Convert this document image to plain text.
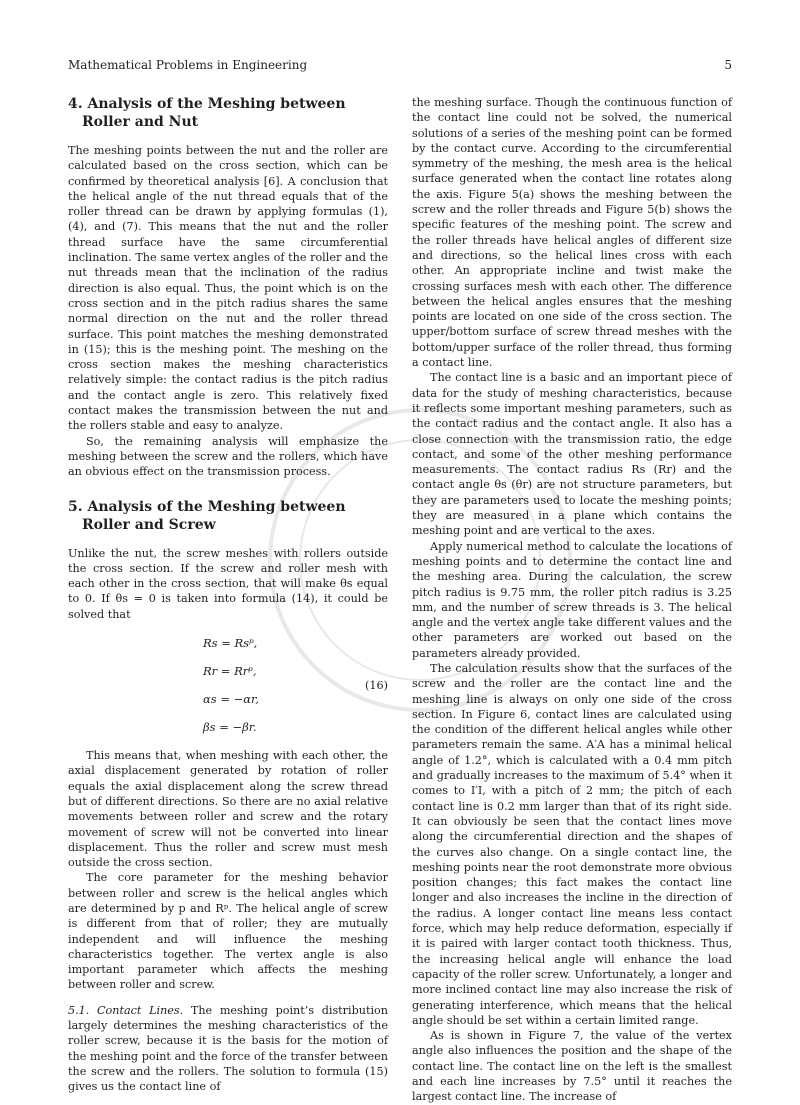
Mathematical Problems in Engineering	5
4. Analysis of the Meshing between
Roller and Nut

The meshing points between the nut and the roller are calculated based on the cross section, which can be confirmed by theoretical analysis [6]. A conclusion that the helical angle of the nut thread equals that of the roller thread can be drawn by applying formulas (1), (4), and (7). This means that the nut and the roller thread surface have the same circumferential inclination. The same vertex angles of the roller and the nut threads mean that the inclination of the radius direction is also equal. Thus, the point which is on the cross section and in the pitch radius shares the same normal direction on the nut and the roller thread surface. This point matches the meshing demonstrated in (15); this is the meshing point. The meshing on the cross section makes the meshing characteristics relatively simple: the contact radius is the pitch radius and the contact angle is zero. This relatively fixed contact makes the transmission between the nut and the rollers stable and easy to analyze.

So, the remaining analysis will emphasize the meshing between the screw and the rollers, which have an obvious effect on the transmission process.

5. Analysis of the Meshing between
Roller and Screw

Unlike the nut, the screw meshes with rollers outside the cross section. If the screw and roller mesh with each other in the cross section, that will make θs equal to 0. If θs = 0 is taken into formula (14), it could be solved that

Rs = Rsᵖ,
Rr = Rrᵖ,
αs = −αr,
βs = −βr.
(16)

This means that, when meshing with each other, the axial displacement generated by rotation of roller equals the axial displacement along the screw thread but of different directions. So there are no axial relative movements between roller and screw and the rotary movement of screw will not be converted into linear displacement. Thus the roller and screw must mesh outside the cross section.

The core parameter for the meshing behavior between roller and screw is the helical angles which are determined by p and Rᵖ. The helical angle of screw is different from that of roller; they are mutually independent and will influence the meshing characteristics together. The vertex angle is also important parameter which affects the meshing between roller and screw.

5.1. Contact Lines. The meshing point’s distribution largely determines the meshing characteristics of the roller screw, because it is the basis for the motion of the meshing point and the force of the transfer between the screw and the rollers. The solution to formula (15) gives us the contact line of

the meshing surface. Though the continuous function of the contact line could not be solved, the numerical solutions of a series of the meshing point can be formed by the contact curve. According to the circumferential symmetry of the meshing, the mesh area is the helical surface generated when the contact line rotates along the axis. Figure 5(a) shows the meshing between the screw and the roller threads and Figure 5(b) shows the specific features of the meshing point. The screw and the roller threads have helical angles of different size and directions, so the helical lines cross with each other. An appropriate incline and twist make the crossing surfaces mesh with each other. The difference between the helical angles ensures that the meshing points are located on one side of the cross section. The upper/bottom surface of screw thread meshes with the bottom/upper surface of the roller thread, thus forming a contact line.

The contact line is a basic and an important piece of data for the study of meshing characteristics, because it reflects some important meshing parameters, such as the contact radius and the contact angle. It also has a close connection with the transmission ratio, the edge contact, and some of the other meshing performance measurements. The contact radius Rs (Rr) and the contact angle θs (θr) are not structure parameters, but they are parameters used to locate the meshing points; they are measured in a plane which contains the meshing point and are vertical to the axes.

Apply numerical method to calculate the locations of meshing points and to determine the contact line and the meshing area. During the calculation, the screw pitch radius is 9.75 mm, the roller pitch radius is 3.25 mm, and the number of screw threads is 3. The helical angle and the vertex angle take different values and the other parameters are worked out based on the parameters already provided.

The calculation results show that the surfaces of the screw and the roller are the contact line and the meshing line is always on only one side of the cross section. In Figure 6, contact lines are calculated using the condition of the different helical angles while other parameters remain the same. A′A has a minimal helical angle of 1.2°, which is calculated with a 0.4 mm pitch and gradually increases to the maximum of 5.4° when it comes to I′I, with a pitch of 2 mm; the pitch of each contact line is 0.2 mm larger than that of its right side. It can obviously be seen that the contact lines move along the circumferential direction and the shapes of the curves also change. On a single contact line, the meshing points near the root demonstrate more obvious position changes; this fact makes the contact line longer and also increases the incline in the direction of the radius. A longer contact line means less contact force, which may help reduce deformation, especially if it is paired with larger contact tooth thickness. Thus, the increasing helical angle will enhance the load capacity of the roller screw. Unfortunately, a longer and more inclined contact line may also increase the risk of generating interference, which means that the helical angle should be set within a certain limited range.

As is shown in Figure 7, the value of the vertex angle also influences the position and the shape of the contact line. The contact line on the left is the smallest and each line increases by 7.5° until it reaches the largest contact line. The increase of
